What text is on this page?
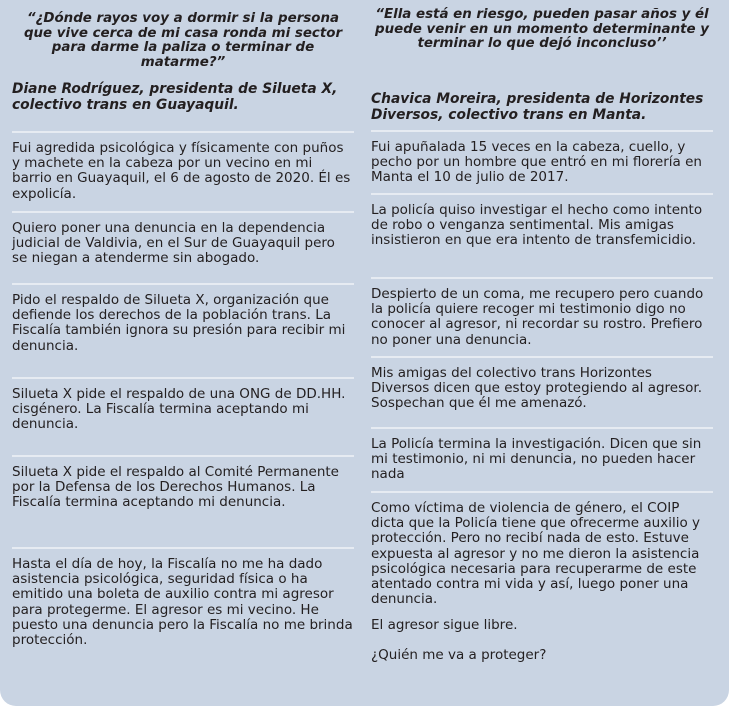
“¿Dónde rayos voy a dormir si la persona que vive cerca de mi casa ronda mi sector para darme la paliza o terminar de matarme?”
Diane Rodríguez, presidenta de Silueta X, colectivo trans en Guayaquil.

Fui agredida psicológica y físicamente con puños y machete en la cabeza por un vecino en mi barrio en Guayaquil, el 6 de agosto de 2020. Él es expolicía.

Quiero poner una denuncia en la dependencia judicial de Valdivia, en el Sur de Guayaquil pero se niegan a atenderme sin abogado.

Pido el respaldo de Silueta X, organización que defiende los derechos de la población trans. La Fiscalía también ignora su presión para recibir mi denuncia.

Silueta X pide el respaldo de una ONG de DD.HH. cisgénero. La Fiscalía termina aceptando mi denuncia.

Silueta X pide el respaldo al Comité Permanente por la Defensa de los Derechos Humanos. La Fiscalía termina aceptando mi denuncia.

Hasta el día de hoy, la Fiscalía no me ha dado asistencia psicológica, seguridad física o ha emitido una boleta de auxilio contra mi agresor para protegerme. El agresor es mi vecino. He puesto una denuncia pero la Fiscalía no me brinda protección.

“Ella está en riesgo, pueden pasar años y él puede venir en un momento determinante y terminar lo que dejó inconcluso’’
Chavica Moreira, presidenta de Horizontes Diversos, colectivo trans en Manta.

Fui apuñalada 15 veces en la cabeza, cuello, y pecho por un hombre que entró en mi florería en Manta el 10 de julio de 2017.

La policía quiso investigar el hecho como intento de robo o venganza sentimental. Mis amigas insistieron en que era intento de transfemicidio.

Despierto de un coma, me recupero pero cuando la policía quiere recoger mi testimonio digo no conocer al agresor, ni recordar su rostro. Prefiero no poner una denuncia.

Mis amigas del colectivo trans Horizontes Diversos dicen que estoy protegiendo al agresor. Sospechan que él me amenazó.

La Policía termina la investigación. Dicen que sin mi testimonio, ni mi denuncia, no pueden hacer nada

Como víctima de violencia de género, el COIP dicta que la Policía tiene que ofrecerme auxilio y protección. Pero no recibí nada de esto. Estuve expuesta al agresor y no me dieron la asistencia psicológica necesaria para recuperarme de este atentado contra mi vida y así, luego poner una denuncia.

El agresor sigue libre.

¿Quién me va a proteger?
